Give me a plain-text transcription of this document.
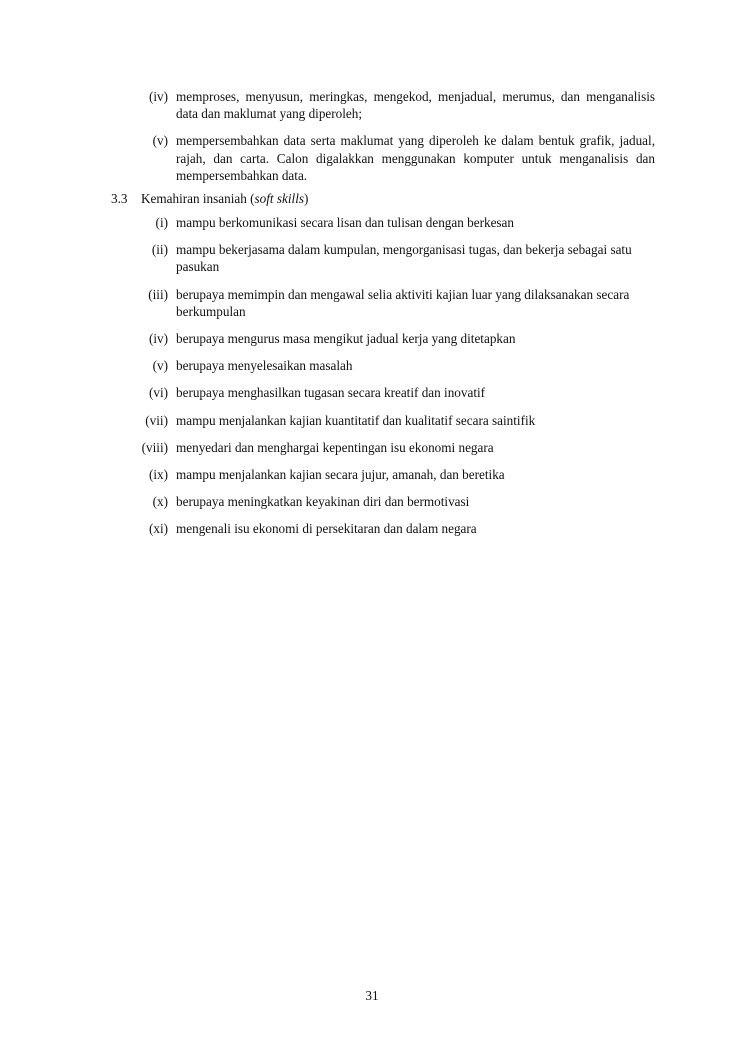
(iv) memproses, menyusun, meringkas, mengekod, menjadual, merumus, dan menganalisis data dan maklumat yang diperoleh;
(v) mempersembahkan data serta maklumat yang diperoleh ke dalam bentuk grafik, jadual, rajah, dan carta. Calon digalakkan menggunakan komputer untuk menganalisis dan mempersembahkan data.
3.3 Kemahiran insaniah (soft skills)
(i) mampu berkomunikasi secara lisan dan tulisan dengan berkesan
(ii) mampu bekerjasama dalam kumpulan, mengorganisasi tugas, dan bekerja sebagai satu pasukan
(iii) berupaya memimpin dan mengawal selia aktiviti kajian luar yang dilaksanakan secara berkumpulan
(iv) berupaya mengurus masa mengikut jadual kerja yang ditetapkan
(v) berupaya menyelesaikan masalah
(vi) berupaya menghasilkan tugasan secara kreatif dan inovatif
(vii) mampu menjalankan kajian kuantitatif dan kualitatif secara saintifik
(viii) menyedari dan menghargai kepentingan isu ekonomi negara
(ix) mampu menjalankan kajian secara jujur, amanah, dan beretika
(x) berupaya meningkatkan keyakinan diri dan bermotivasi
(xi) mengenali isu ekonomi di persekitaran dan dalam negara
31
